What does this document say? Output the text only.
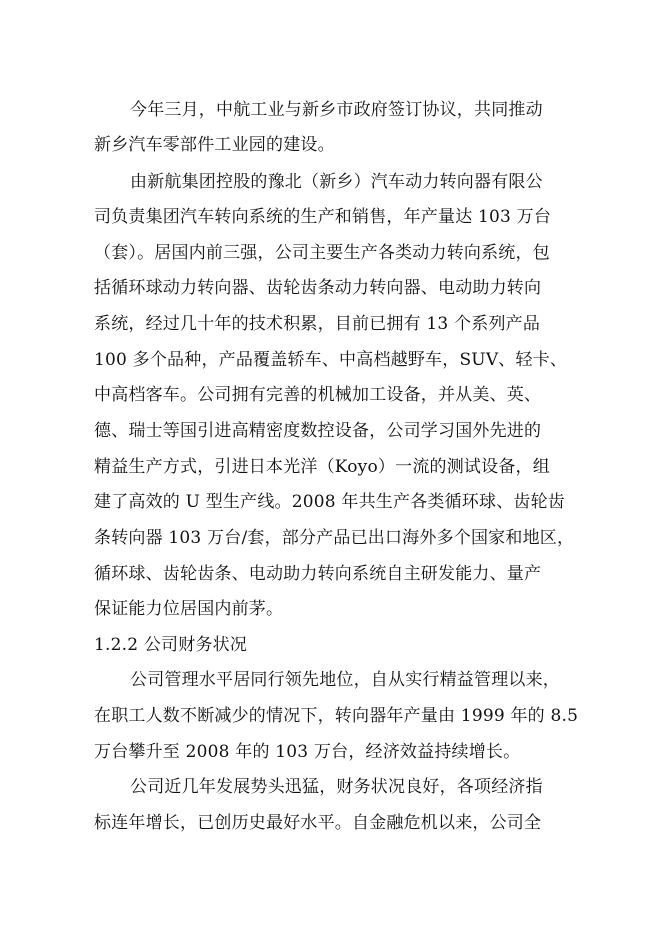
今年三月，中航工业与新乡市政府签订协议，共同推动
新乡汽车零部件工业园的建设。
由新航集团控股的豫北（新乡）汽车动力转向器有限公
司负责集团汽车转向系统的生产和销售，年产量达 103 万台
（套）。居国内前三强，公司主要生产各类动力转向系统，包
括循环球动力转向器、齿轮齿条动力转向器、电动助力转向
系统，经过几十年的技术积累，目前已拥有 13 个系列产品
100 多个品种，产品覆盖轿车、中高档越野车，SUV、轻卡、
中高档客车。公司拥有完善的机械加工设备，并从美、英、
德、瑞士等国引进高精密度数控设备，公司学习国外先进的
精益生产方式，引进日本光洋（Koyo）一流的测试设备，组
建了高效的 U 型生产线。2008 年共生产各类循环球、齿轮齿
条转向器 103 万台/套，部分产品已出口海外多个国家和地区，
循环球、齿轮齿条、电动助力转向系统自主研发能力、量产
保证能力位居国内前茅。
1.2.2 公司财务状况
公司管理水平居同行领先地位，自从实行精益管理以来，
在职工人数不断减少的情况下，转向器年产量由 1999 年的 8.5
万台攀升至 2008 年的 103 万台，经济效益持续增长。
公司近几年发展势头迅猛，财务状况良好，各项经济指
标连年增长，已创历史最好水平。自金融危机以来，公司全
